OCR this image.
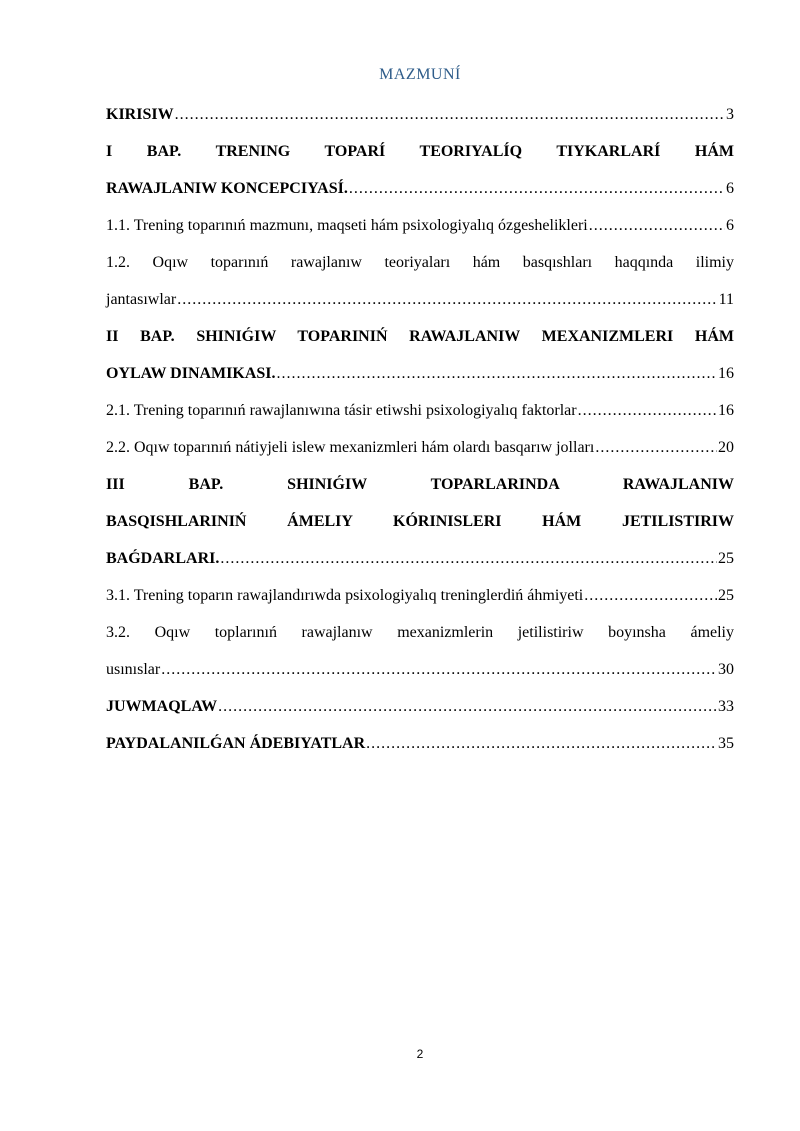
MAZMUNÍ
KIRISIW .....	3
I BAP. TRENING TOPARÍ TEORIYALÍQ TIYKARLARÍ HÁM
RAWAJLANIW KONCEPCIYASÍ. .....	6
1.1. Trening toparınıń mazmunı, maqseti hám psixologiyalıq ózgeshelikleri .....	6
1.2. Oqıw toparınıń rawajlanıw teoriyaları hám basqıshları haqqında ilimiy
jantasıwlar .....	11
II BAP. SHINIǴIW TOPARINIŃ RAWAJLANIW MEXANIZMLERI HÁM
OYLAW DINAMIKASI. .....	16
2.1. Trening toparınıń rawajlanıwına tásir etiwshi psixologiyalıq faktorlar .....	16
2.2. Oqıw toparınıń nátiyjeli islew mexanizmleri hám olardı basqarıw jolları .....	20
III BAP. SHINIǴIW TOPARLARINDA RAWAJLANIW
BASQISHLARINIŃ ÁMELIY KÓRINISLERI HÁM JETILISTIRIW
BAǴDARLARI. .....	25
3.1. Trening toparın rawajlandırıwda psixologiyalıq treninglerdiń áhmiyeti .....	25
3.2. Oqıw toplarınıń rawajlanıw mexanizmlerin jetilistiriw boyınsha ámeliy
usınıslar .....	30
JUWMAQLAW .....	33
PAYDALANILǴAN ÁDEBIYATLAR .....	35
2
